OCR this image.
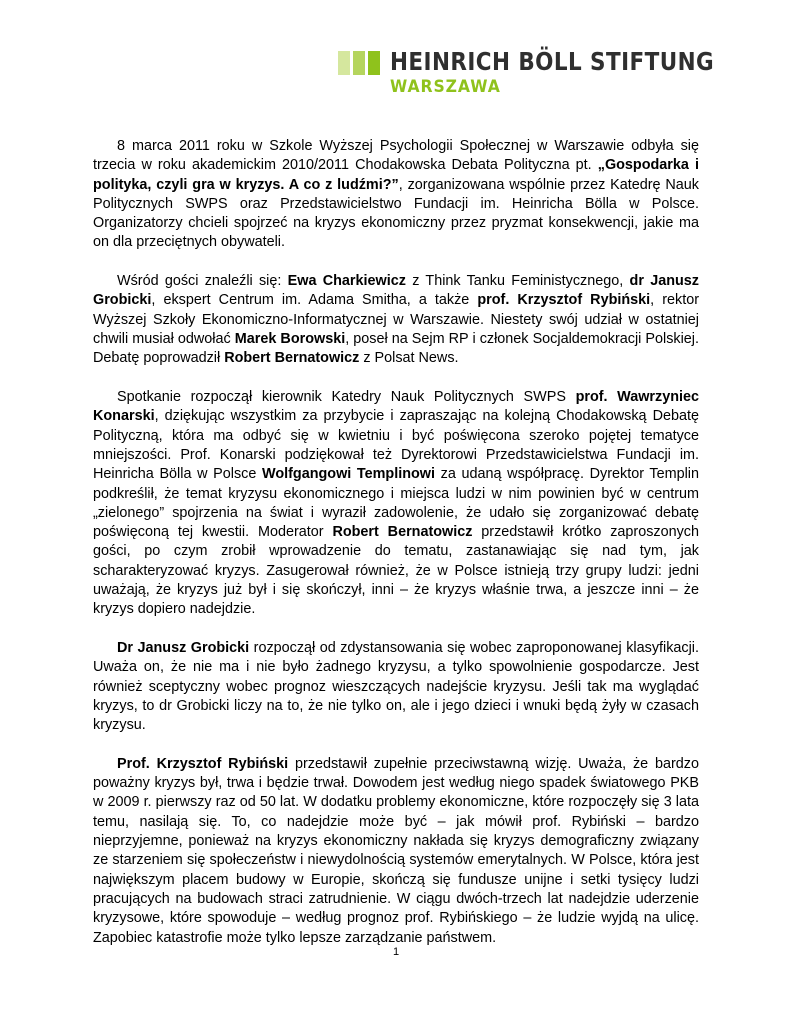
HEINRICH BÖLL STIFTUNG
WARSZAWA

8 marca 2011 roku w Szkole Wyższej Psychologii Społecznej w Warszawie odbyła się trzecia w roku akademickim 2010/2011 Chodakowska Debata Polityczna pt. „Gospodarka i polityka, czyli gra w kryzys. A co z ludźmi?”, zorganizowana wspólnie przez Katedrę Nauk Politycznych SWPS oraz Przedstawicielstwo Fundacji im. Heinricha Bölla w Polsce. Organizatorzy chcieli spojrzeć na kryzys ekonomiczny przez pryzmat konsekwencji, jakie ma on dla przeciętnych obywateli.

Wśród gości znaleźli się: Ewa Charkiewicz z Think Tanku Feministycznego, dr Janusz Grobicki, ekspert Centrum im. Adama Smitha, a także prof. Krzysztof Rybiński, rektor Wyższej Szkoły Ekonomiczno-Informatycznej w Warszawie. Niestety swój udział w ostatniej chwili musiał odwołać Marek Borowski, poseł na Sejm RP i członek Socjaldemokracji Polskiej. Debatę poprowadził Robert Bernatowicz z Polsat News.

Spotkanie rozpoczął kierownik Katedry Nauk Politycznych SWPS prof. Wawrzyniec Konarski, dziękując wszystkim za przybycie i zapraszając na kolejną Chodakowską Debatę Polityczną, która ma odbyć się w kwietniu i być poświęcona szeroko pojętej tematyce mniejszości. Prof. Konarski podziękował też Dyrektorowi Przedstawicielstwa Fundacji im. Heinricha Bölla w Polsce Wolfgangowi Templinowi za udaną współpracę. Dyrektor Templin podkreślił, że temat kryzysu ekonomicznego i miejsca ludzi w nim powinien być w centrum „zielonego” spojrzenia na świat i wyraził zadowolenie, że udało się zorganizować debatę poświęconą tej kwestii. Moderator Robert Bernatowicz przedstawił krótko zaproszonych gości, po czym zrobił wprowadzenie do tematu, zastanawiając się nad tym, jak scharakteryzować kryzys. Zasugerował również, że w Polsce istnieją trzy grupy ludzi: jedni uważają, że kryzys już był i się skończył, inni – że kryzys właśnie trwa, a jeszcze inni – że kryzys dopiero nadejdzie.

Dr Janusz Grobicki rozpoczął od zdystansowania się wobec zaproponowanej klasyfikacji. Uważa on, że nie ma i nie było żadnego kryzysu, a tylko spowolnienie gospodarcze. Jest również sceptyczny wobec prognoz wieszczących nadejście kryzysu. Jeśli tak ma wyglądać kryzys, to dr Grobicki liczy na to, że nie tylko on, ale i jego dzieci i wnuki będą żyły w czasach kryzysu.

Prof. Krzysztof Rybiński przedstawił zupełnie przeciwstawną wizję. Uważa, że bardzo poważny kryzys był, trwa i będzie trwał. Dowodem jest według niego spadek światowego PKB w 2009 r. pierwszy raz od 50 lat. W dodatku problemy ekonomiczne, które rozpoczęły się 3 lata temu, nasilają się. To, co nadejdzie może być – jak mówił prof. Rybiński – bardzo nieprzyjemne, ponieważ na kryzys ekonomiczny nakłada się kryzys demograficzny związany ze starzeniem się społeczeństw i niewydolnością systemów emerytalnych. W Polsce, która jest największym placem budowy w Europie, skończą się fundusze unijne i setki tysięcy ludzi pracujących na budowach straci zatrudnienie. W ciągu dwóch-trzech lat nadejdzie uderzenie kryzysowe, które spowoduje – według prognoz prof. Rybińskiego – że ludzie wyjdą na ulicę. Zapobiec katastrofie może tylko lepsze zarządzanie państwem.

1
